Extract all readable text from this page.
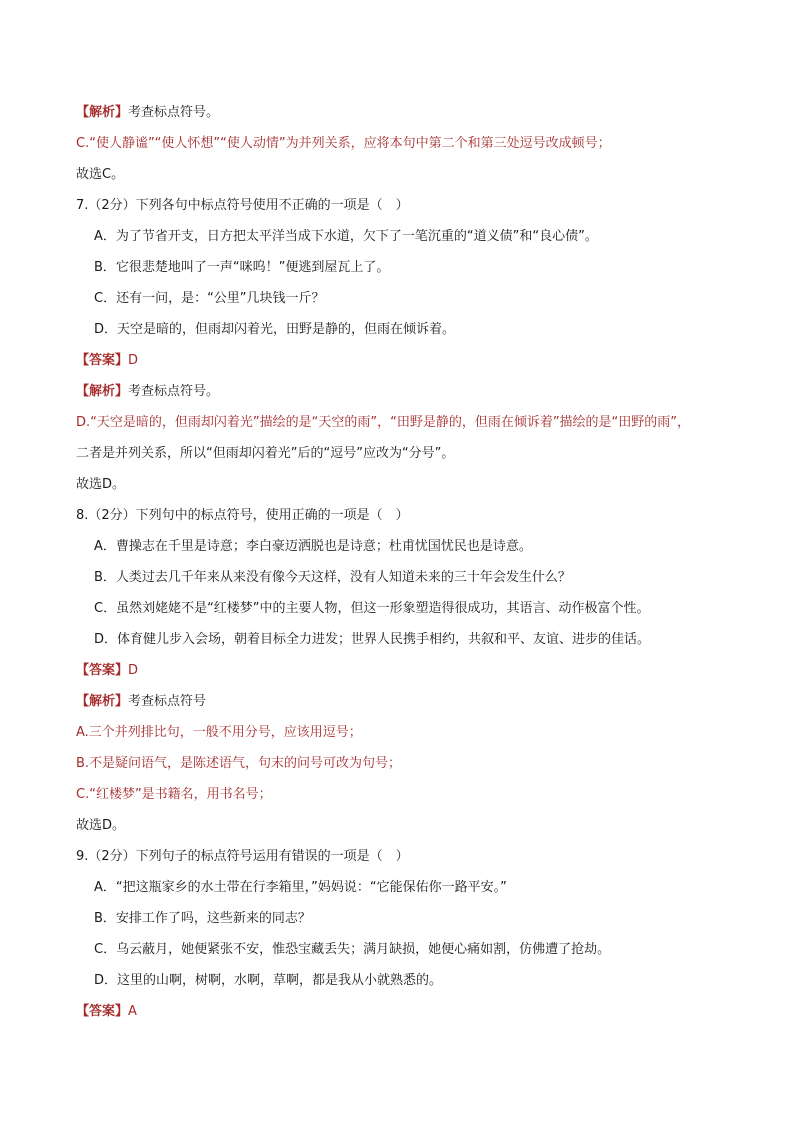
【解析】考查标点符号。
C.“使人静谧”“使人怀想”“使人动情”为并列关系，应将本句中第二个和第三处逗号改成顿号；
故选C。
7.（2分）下列各句中标点符号使用不正确的一项是（　）
A．为了节省开支，日方把太平洋当成下水道，欠下了一笔沉重的“道义债”和“良心债”。
B．它很悲楚地叫了一声“咪呜！”便逃到屋瓦上了。
C．还有一问，是：“公里”几块钱一斤？
D．天空是暗的，但雨却闪着光，田野是静的，但雨在倾诉着。
【答案】D
【解析】考查标点符号。
D.“天空是暗的，但雨却闪着光”描绘的是“天空的雨”，“田野是静的，但雨在倾诉着”描绘的是“田野的雨”，
二者是并列关系，所以“但雨却闪着光”后的“逗号”应改为“分号”。
故选D。
8.（2分）下列句中的标点符号，使用正确的一项是（　）
A．曹操志在千里是诗意；李白豪迈洒脱也是诗意；杜甫忧国忧民也是诗意。
B．人类过去几千年来从来没有像今天这样，没有人知道未来的三十年会发生什么？
C．虽然刘姥姥不是“红楼梦”中的主要人物，但这一形象塑造得很成功，其语言、动作极富个性。
D．体育健儿步入会场，朝着目标全力进发；世界人民携手相约，共叙和平、友谊、进步的佳话。
【答案】D
【解析】考查标点符号
A.三个并列排比句，一般不用分号，应该用逗号；
B.不是疑问语气，是陈述语气，句末的问号可改为句号；
C.“红楼梦”是书籍名，用书名号；
故选D。
9.（2分）下列句子的标点符号运用有错误的一项是（　）
A．“把这瓶家乡的水土带在行李箱里，”妈妈说：“它能保佑你一路平安。”
B．安排工作了吗，这些新来的同志？
C．乌云蔽月，她便紧张不安，惟恐宝藏丢失；满月缺损，她便心痛如割，仿佛遭了抢劫。
D．这里的山啊，树啊，水啊，草啊，都是我从小就熟悉的。
【答案】A
